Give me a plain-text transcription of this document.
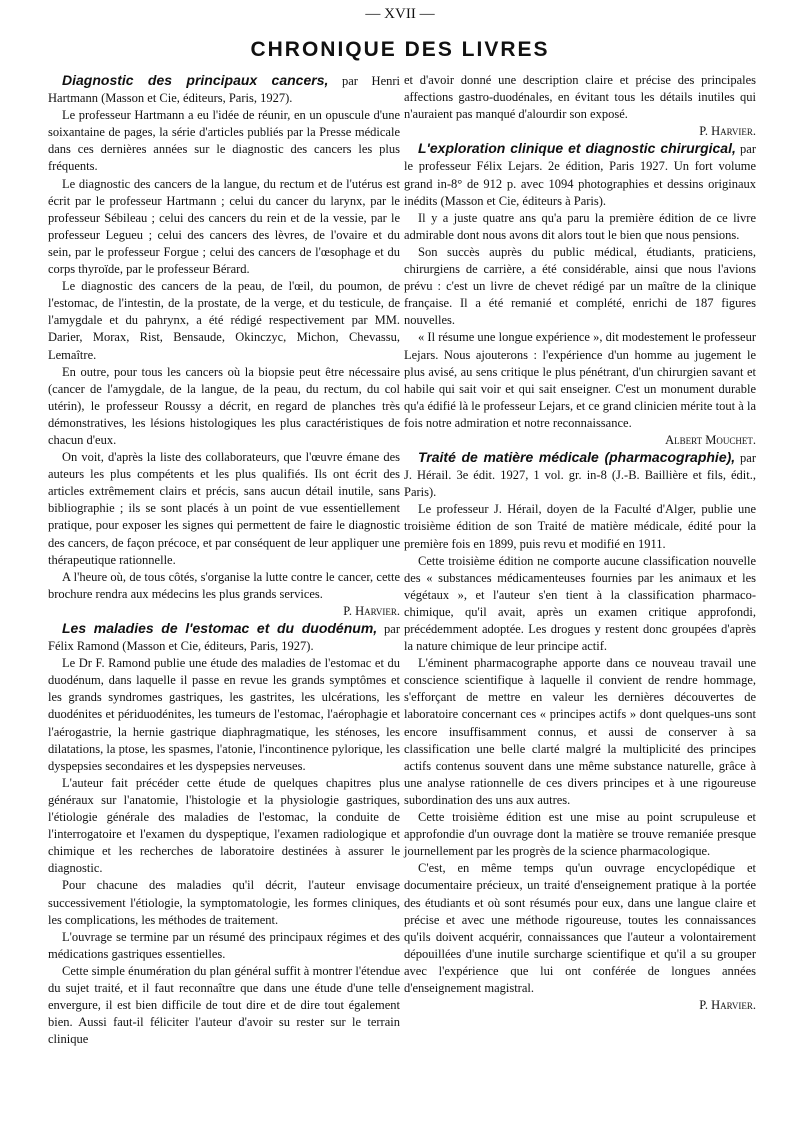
— XVII —
CHRONIQUE DES LIVRES

Diagnostic des principaux cancers, par Henri Hartmann (Masson et Cie, éditeurs, Paris, 1927).

Le professeur Hartmann a eu l'idée de réunir, en un opuscule d'une soixantaine de pages, la série d'articles publiés par la Presse médicale dans ces dernières années sur le diagnostic des cancers les plus fréquents.

Le diagnostic des cancers de la langue, du rectum et de l'utérus est écrit par le professeur Hartmann ; celui du cancer du larynx, par le professeur Sébileau ; celui des cancers du rein et de la vessie, par le professeur Legueu ; celui des cancers des lèvres, de l'ovaire et du sein, par le professeur Forgue ; celui des cancers de l'œsophage et du corps thyroïde, par le professeur Bérard.

Le diagnostic des cancers de la peau, de l'œil, du poumon, de l'estomac, de l'intestin, de la prostate, de la verge, et du testicule, de l'amygdale et du pahrynx, a été rédigé respectivement par MM. Darier, Morax, Rist, Bensaude, Okinczyc, Michon, Chevassu, Lemaître.

En outre, pour tous les cancers où la biopsie peut être nécessaire (cancer de l'amygdale, de la langue, de la peau, du rectum, du col utérin), le professeur Roussy a décrit, en regard de planches très démonstratives, les lésions histologiques les plus caractéristiques de chacun d'eux.

On voit, d'après la liste des collaborateurs, que l'œuvre émane des auteurs les plus compétents et les plus qualifiés. Ils ont écrit des articles extrêmement clairs et précis, sans aucun détail inutile, sans bibliographie ; ils se sont placés à un point de vue essentiellement pratique, pour exposer les signes qui permettent de faire le diagnostic des cancers, de façon précoce, et par conséquent de leur appliquer une thérapeutique rationnelle.

A l'heure où, de tous côtés, s'organise la lutte contre le cancer, cette brochure rendra aux médecins les plus grands services.

P. Harvier.

Les maladies de l'estomac et du duodénum, par Félix Ramond (Masson et Cie, éditeurs, Paris, 1927).

Le Dr F. Ramond publie une étude des maladies de l'estomac et du duodénum, dans laquelle il passe en revue les grands symptômes et les grands syndromes gastriques, les gastrites, les ulcérations, les duodénites et périduodénites, les tumeurs de l'estomac, l'aérophagie et l'aérogastrie, la hernie gastrique diaphragmatique, les sténoses, les dilatations, la ptose, les spasmes, l'atonie, l'incontinence pylorique, les dyspepsies secondaires et les dyspepsies nerveuses.

L'auteur fait précéder cette étude de quelques chapitres plus généraux sur l'anatomie, l'histologie et la physiologie gastriques, l'étiologie générale des maladies de l'estomac, la conduite de l'interrogatoire et l'examen du dyspeptique, l'examen radiologique et chimique et les recherches de laboratoire destinées à assurer le diagnostic.

Pour chacune des maladies qu'il décrit, l'auteur envisage successivement l'étiologie, la symptomatologie, les formes cliniques, les complications, les méthodes de traitement.

L'ouvrage se termine par un résumé des principaux régimes et des médications gastriques essentielles.

Cette simple énumération du plan général suffit à montrer l'étendue du sujet traité, et il faut reconnaître que dans une étude d'une telle envergure, il est bien difficile de tout dire et de dire tout également bien. Aussi faut-il féliciter l'auteur d'avoir su rester sur le terrain clinique

et d'avoir donné une description claire et précise des principales affections gastro-duodénales, en évitant tous les détails inutiles qui n'auraient pas manqué d'alourdir son exposé.

P. Harvier.

L'exploration clinique et diagnostic chirurgical, par le professeur Félix Lejars. 2e édition, Paris 1927. Un fort volume grand in-8° de 912 p. avec 1094 photographies et dessins originaux inédits (Masson et Cie, éditeurs à Paris).

Il y a juste quatre ans qu'a paru la première édition de ce livre admirable dont nous avons dit alors tout le bien que nous pensions.

Son succès auprès du public médical, étudiants, praticiens, chirurgiens de carrière, a été considérable, ainsi que nous l'avions prévu : c'est un livre de chevet rédigé par un maître de la clinique française. Il a été remanié et complété, enrichi de 187 figures nouvelles.

« Il résume une longue expérience », dit modestement le professeur Lejars. Nous ajouterons : l'expérience d'un homme au jugement le plus avisé, au sens critique le plus pénétrant, d'un chirurgien savant et habile qui sait voir et qui sait enseigner. C'est un monument durable qu'a édifié là le professeur Lejars, et ce grand clinicien mérite tout à la fois notre admiration et notre reconnaissance.

Albert Mouchet.

Traité de matière médicale (pharmacographie), par J. Hérail. 3e édit. 1927, 1 vol. gr. in-8 (J.-B. Baillière et fils, édit., Paris).

Le professeur J. Hérail, doyen de la Faculté d'Alger, publie une troisième édition de son Traité de matière médicale, édité pour la première fois en 1899, puis revu et modifié en 1911.

Cette troisième édition ne comporte aucune classification nouvelle des « substances médicamenteuses fournies par les animaux et les végétaux », et l'auteur s'en tient à la classification pharmaco-chimique, qu'il avait, après un examen critique approfondi, précédemment adoptée. Les drogues y restent donc groupées d'après la nature chimique de leur principe actif.

L'éminent pharmacographe apporte dans ce nouveau travail une conscience scientifique à laquelle il convient de rendre hommage, s'efforçant de mettre en valeur les dernières découvertes de laboratoire concernant ces « principes actifs » dont quelques-uns sont encore insuffisamment connus, et aussi de conserver à sa classification une belle clarté malgré la multiplicité des principes actifs contenus souvent dans une même substance naturelle, grâce à une analyse rationnelle de ces divers principes et à une rigoureuse subordination des uns aux autres.

Cette troisième édition est une mise au point scrupuleuse et approfondie d'un ouvrage dont la matière se trouve remaniée presque journellement par les progrès de la science pharmacologique.

C'est, en même temps qu'un ouvrage encyclopédique et documentaire précieux, un traité d'enseignement pratique à la portée des étudiants et où sont résumés pour eux, dans une langue claire et précise et avec une méthode rigoureuse, toutes les connaissances qu'ils doivent acquérir, connaissances que l'auteur a volontairement dépouillées d'une inutile surcharge scientifique et qu'il a su grouper avec l'expérience que lui ont conférée de longues années d'enseignement magistral.

P. Harvier.
